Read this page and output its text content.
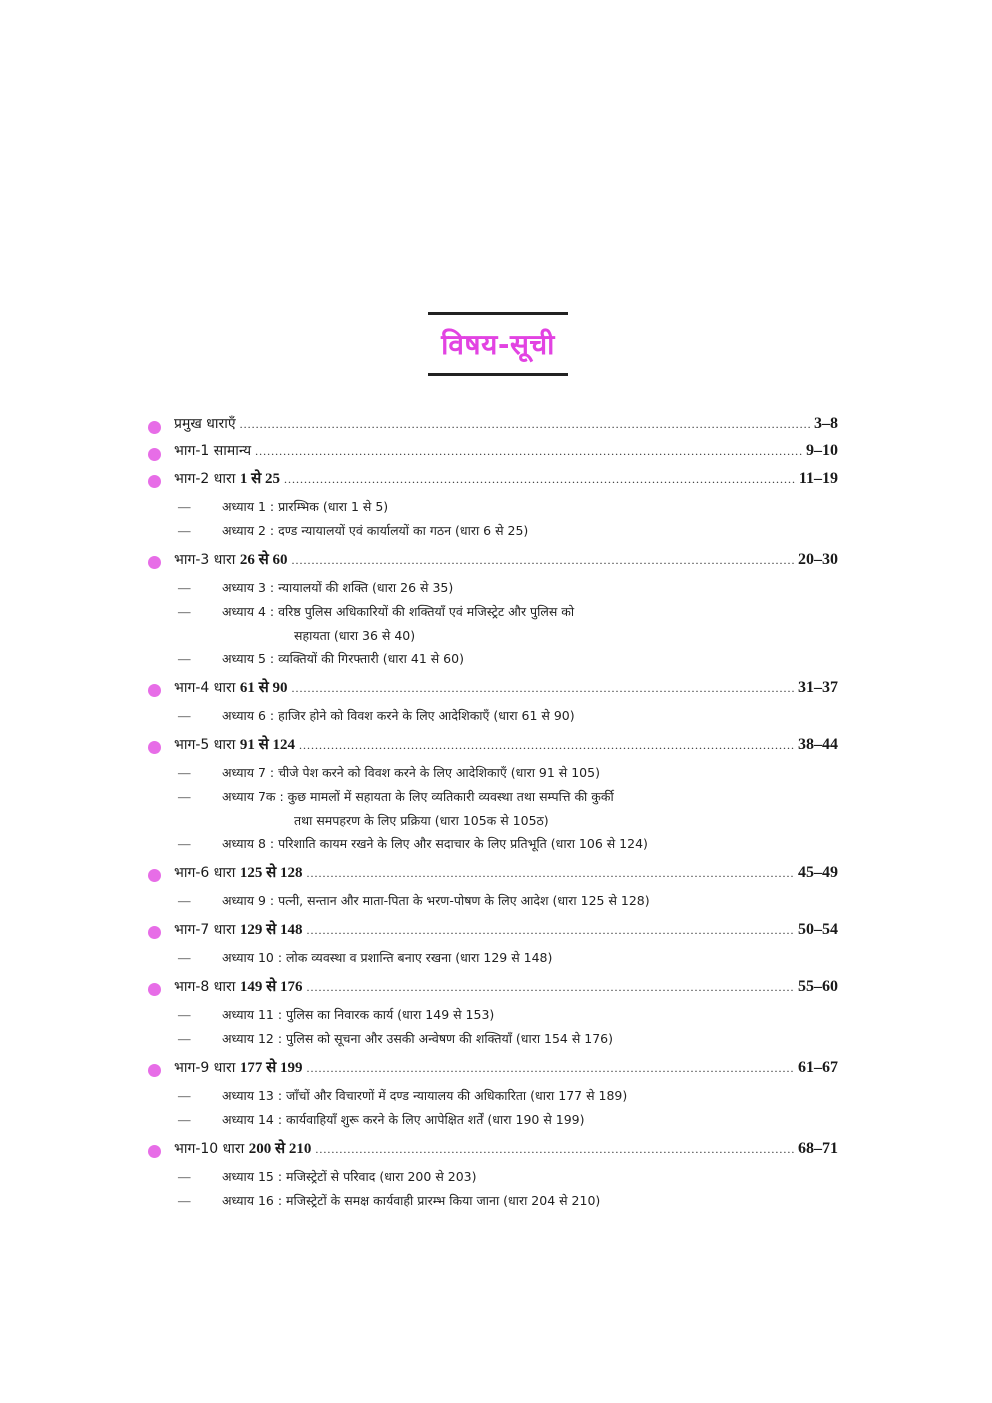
विषय-सूची
प्रमुख धाराएँ .....	3–8
भाग-1 सामान्य .....	9–10
भाग-2 धारा 1 से 25 .....	11–19
—	अध्याय 1 : प्रारम्भिक (धारा 1 से 5)
—	अध्याय 2 : दण्ड न्यायालयों एवं कार्यालयों का गठन (धारा 6 से 25)
भाग-3 धारा 26 से 60 .....	20–30
—	अध्याय 3 : न्यायालयों की शक्ति (धारा 26 से 35)
—	अध्याय 4 : वरिष्ठ पुलिस अधिकारियों की शक्तियाँ एवं मजिस्ट्रेट और पुलिस को
सहायता (धारा 36 से 40)
—	अध्याय 5 : व्यक्तियों की गिरफ्तारी (धारा 41 से 60)
भाग-4 धारा 61 से 90 .....	31–37
—	अध्याय 6 : हाजिर होने को विवश करने के लिए आदेशिकाएँ (धारा 61 से 90)
भाग-5 धारा 91 से 124 .....	38–44
—	अध्याय 7 : चीजे पेश करने को विवश करने के लिए आदेशिकाएँ (धारा 91 से 105)
—	अध्याय 7क : कुछ मामलों में सहायता के लिए व्यतिकारी व्यवस्था तथा सम्पत्ति की कुर्की
तथा समपहरण के लिए प्रक्रिया (धारा 105क से 105ठ)
—	अध्याय 8 : परिशाति कायम रखने के लिए और सदाचार के लिए प्रतिभूति (धारा 106 से 124)
भाग-6 धारा 125 से 128 .....	45–49
—	अध्याय 9 : पत्नी, सन्तान और माता-पिता के भरण-पोषण के लिए आदेश (धारा 125 से 128)
भाग-7 धारा 129 से 148 .....	50–54
—	अध्याय 10 : लोक व्यवस्था व प्रशान्ति बनाए रखना (धारा 129 से 148)
भाग-8 धारा 149 से 176 .....	55–60
—	अध्याय 11 : पुलिस का निवारक कार्य (धारा 149 से 153)
—	अध्याय 12 : पुलिस को सूचना और उसकी अन्वेषण की शक्तियाँ (धारा 154 से 176)
भाग-9 धारा 177 से 199 .....	61–67
—	अध्याय 13 : जाँचों और विचारणों में दण्ड न्यायालय की अधिकारिता (धारा 177 से 189)
—	अध्याय 14 : कार्यवाहियाँ शुरू करने के लिए आपेक्षित शर्तें (धारा 190 से 199)
भाग-10 धारा 200 से 210 .....	68–71
—	अध्याय 15 : मजिस्ट्रेटों से परिवाद (धारा 200 से 203)
—	अध्याय 16 : मजिस्ट्रेटों के समक्ष कार्यवाही प्रारम्भ किया जाना (धारा 204 से 210)
